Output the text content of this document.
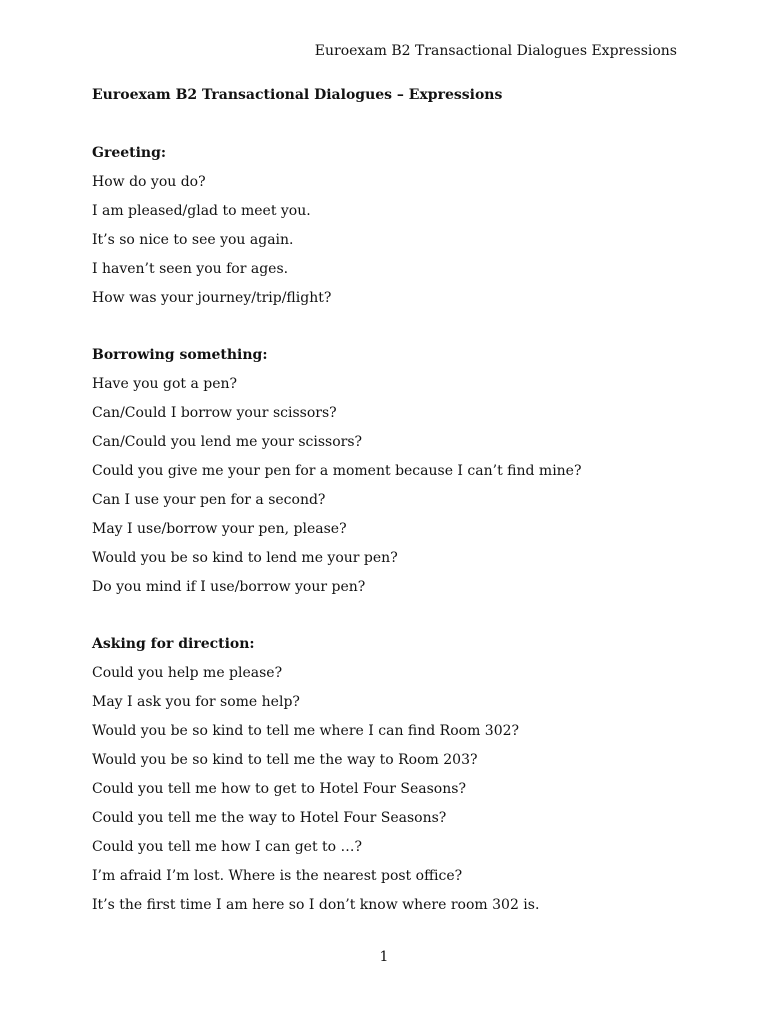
Euroexam B2 Transactional Dialogues Expressions
Euroexam B2 Transactional Dialogues – Expressions
Greeting:
How do you do?
I am pleased/glad to meet you.
It’s so nice to see you again.
I haven’t seen you for ages.
How was your journey/trip/flight?
Borrowing something:
Have you got a pen?
Can/Could I borrow your scissors?
Can/Could you lend me your scissors?
Could you give me your pen for a moment because I can’t find mine?
Can I use your pen for a second?
May I use/borrow your pen, please?
Would you be so kind to lend me your pen?
Do you mind if I use/borrow your pen?
Asking for direction:
Could you help me please?
May I ask you for some help?
Would you be so kind to tell me where I can find Room 302?
Would you be so kind to tell me the way to Room 203?
Could you tell me how to get to Hotel Four Seasons?
Could you tell me the way to Hotel Four Seasons?
Could you tell me how I can get to …?
I’m afraid I’m lost. Where is the nearest post office?
It’s the first time I am here so I don’t know where room 302 is.
1
